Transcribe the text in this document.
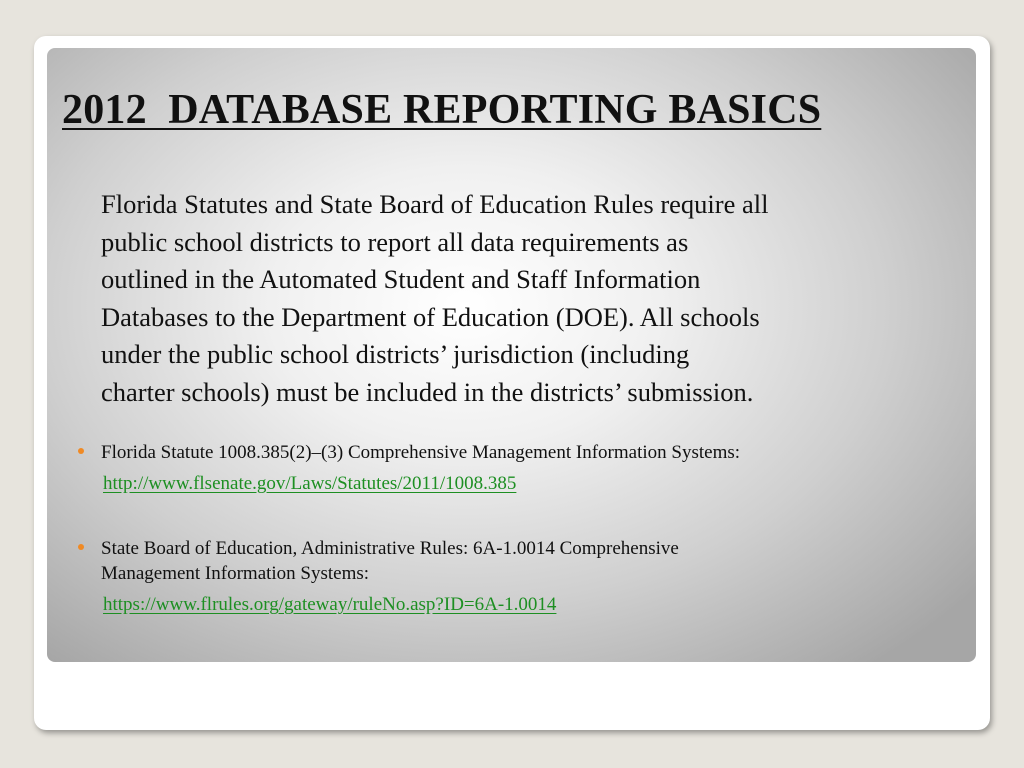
2012  DATABASE REPORTING BASICS

Florida Statutes and State Board of Education Rules require all
public school districts to report all data requirements as
outlined in the Automated Student and Staff Information
Databases to the Department of Education (DOE). All schools
under the public school districts’ jurisdiction (including
charter schools) must be included in the districts’ submission.

Florida Statute 1008.385(2)–(3) Comprehensive Management Information Systems:
http://www.flsenate.gov/Laws/Statutes/2011/1008.385
State Board of Education, Administrative Rules: 6A-1.0014 Comprehensive
Management Information Systems:
https://www.flrules.org/gateway/ruleNo.asp?ID=6A-1.0014
